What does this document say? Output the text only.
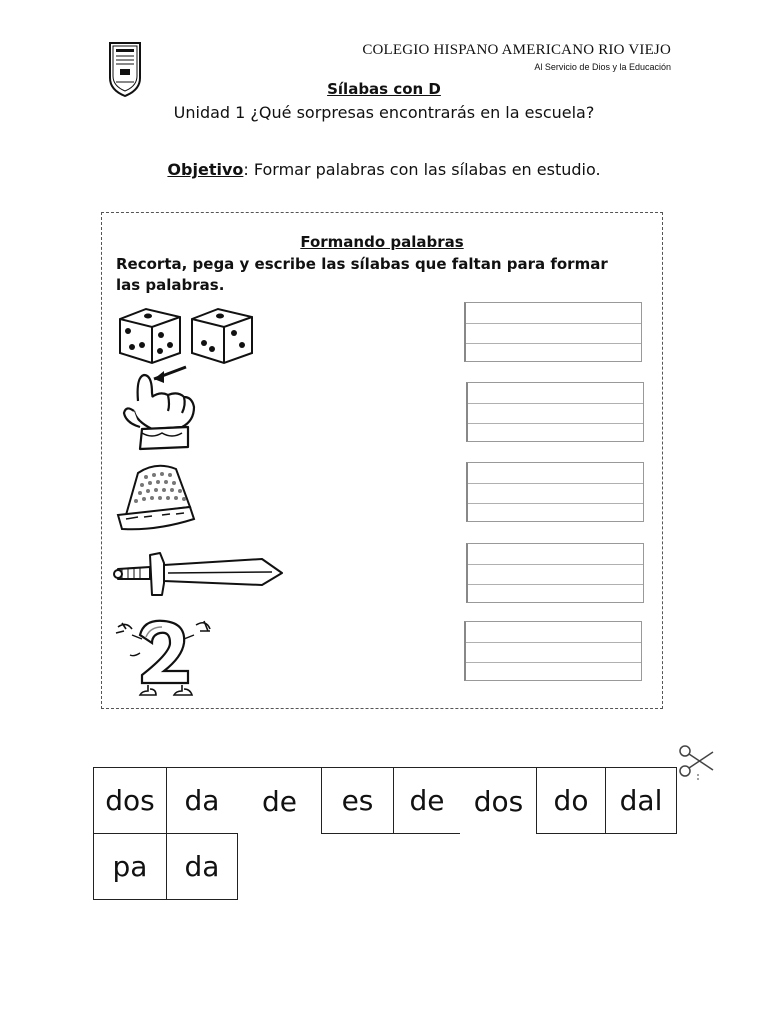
COLEGIO HISPANO AMERICANO RIO VIEJO
Al Servicio de Dios y la Educación
Sílabas con D
Unidad 1 ¿Qué sorpresas encontrarás en la escuela?
Objetivo: Formar palabras con las sílabas en estudio.
Formando palabras
Recorta, pega y escribe las sílabas que faltan para formar las palabras.
dos	da	de	es	de	dos	do	dal
pa	da
